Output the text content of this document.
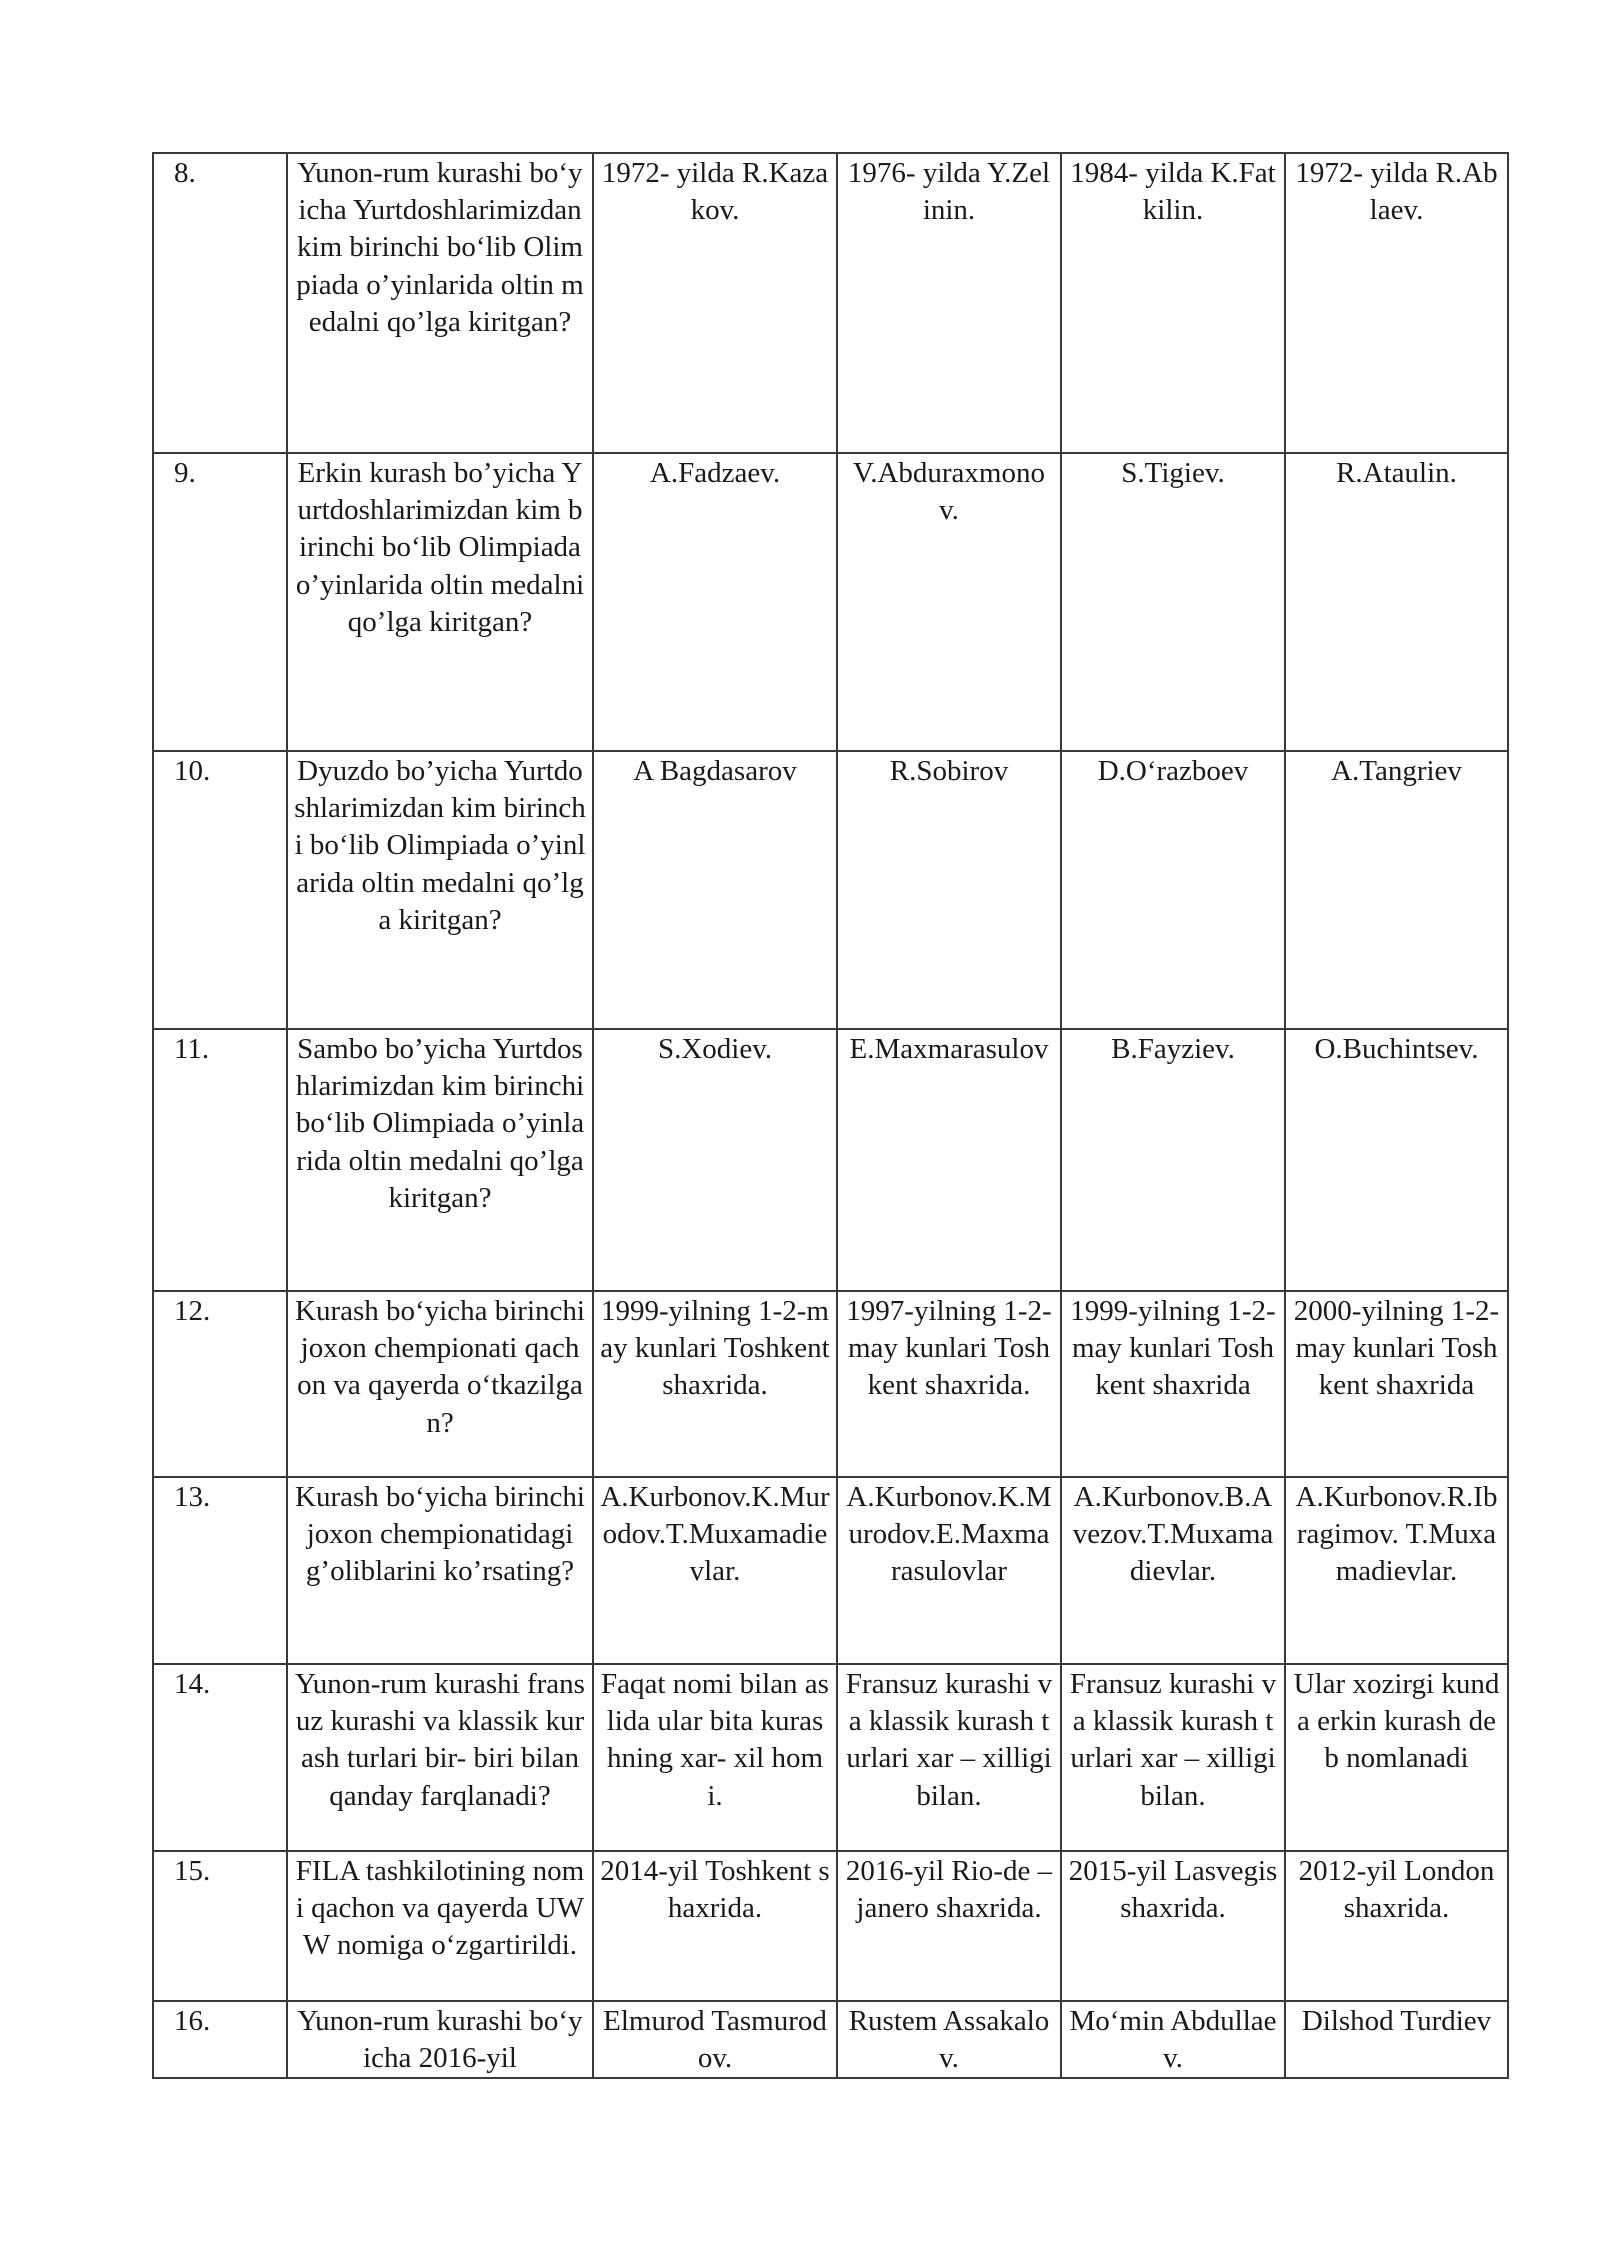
8.	Yunon-rum kurashi bo‘yicha Yurtdoshlarimizdan kim birinchi bo‘lib Olimpiada o’yinlarida oltin medalni qo’lga kiritgan?	1972- yilda R.Kazakov.	1976- yilda Y.Zelinin.	1984- yilda K.Fatkilin.	1972- yilda R.Ablaev.
9.	Erkin kurash bo’yicha Yurtdoshlarimizdan kim birinchi bo‘lib Olimpiada o’yinlarida oltin medalni qo’lga kiritgan?	A.Fadzaev.	V.Abduraxmonov.	S.Tigiev.	R.Ataulin.
10.	Dyuzdo bo’yicha Yurtdoshlarimizdan kim birinchi bo‘lib Olimpiada o’yinlarida oltin medalni qo’lga kiritgan?	A Bagdasarov	R.Sobirov	D.O‘razboev	A.Tangriev
11.	Sambo bo’yicha Yurtdoshlarimizdan kim birinchi bo‘lib Olimpiada o’yinlarida oltin medalni qo’lga kiritgan?	S.Xodiev.	E.Maxmarasulov	B.Fayziev.	O.Buchintsev.
12.	Kurash bo‘yicha birinchi joxon chempionati qachon va qayerda o‘tkazilgan?	1999-yilning 1-2-may kunlari Toshkent shaxrida.	1997-yilning 1-2-may kunlari Toshkent shaxrida.	1999-yilning 1-2-may kunlari Toshkent shaxrida	2000-yilning 1-2-may kunlari Toshkent shaxrida
13.	Kurash bo‘yicha birinchi joxon chempionatidagi g’oliblarini ko’rsating?	A.Kurbonov.K.Murodov.T.Muxamadievlar.	A.Kurbonov.K.Murodov.E.Maxmarasulovlar	A.Kurbonov.B.Avezov.T.Muxamadievlar.	A.Kurbonov.R.Ibragimov. T.Muxamadievlar.
14.	Yunon-rum kurashi fransuz kurashi va klassik kurash turlari bir- biri bilan qanday farqlanadi?	Faqat nomi bilan aslida ular bita kurashning xar- xil homi.	Fransuz kurashi va klassik kurash turlari xar – xilligi bilan.	Fransuz kurashi va klassik kurash turlari xar – xilligi bilan.	Ular xozirgi kunda erkin kurash deb nomlanadi
15.	FILA tashkilotining nomi qachon va qayerda UWW nomiga o‘zgartirildi.	2014-yil Toshkent shaxrida.	2016-yil Rio-de –janero shaxrida.	2015-yil Lasvegis shaxrida.	2012-yil London shaxrida.
16.	Yunon-rum kurashi bo‘yicha 2016-yil	Elmurod Tasmurodov.	Rustem Assakalov.	Mo‘min Abdullaev.	Dilshod Turdiev
